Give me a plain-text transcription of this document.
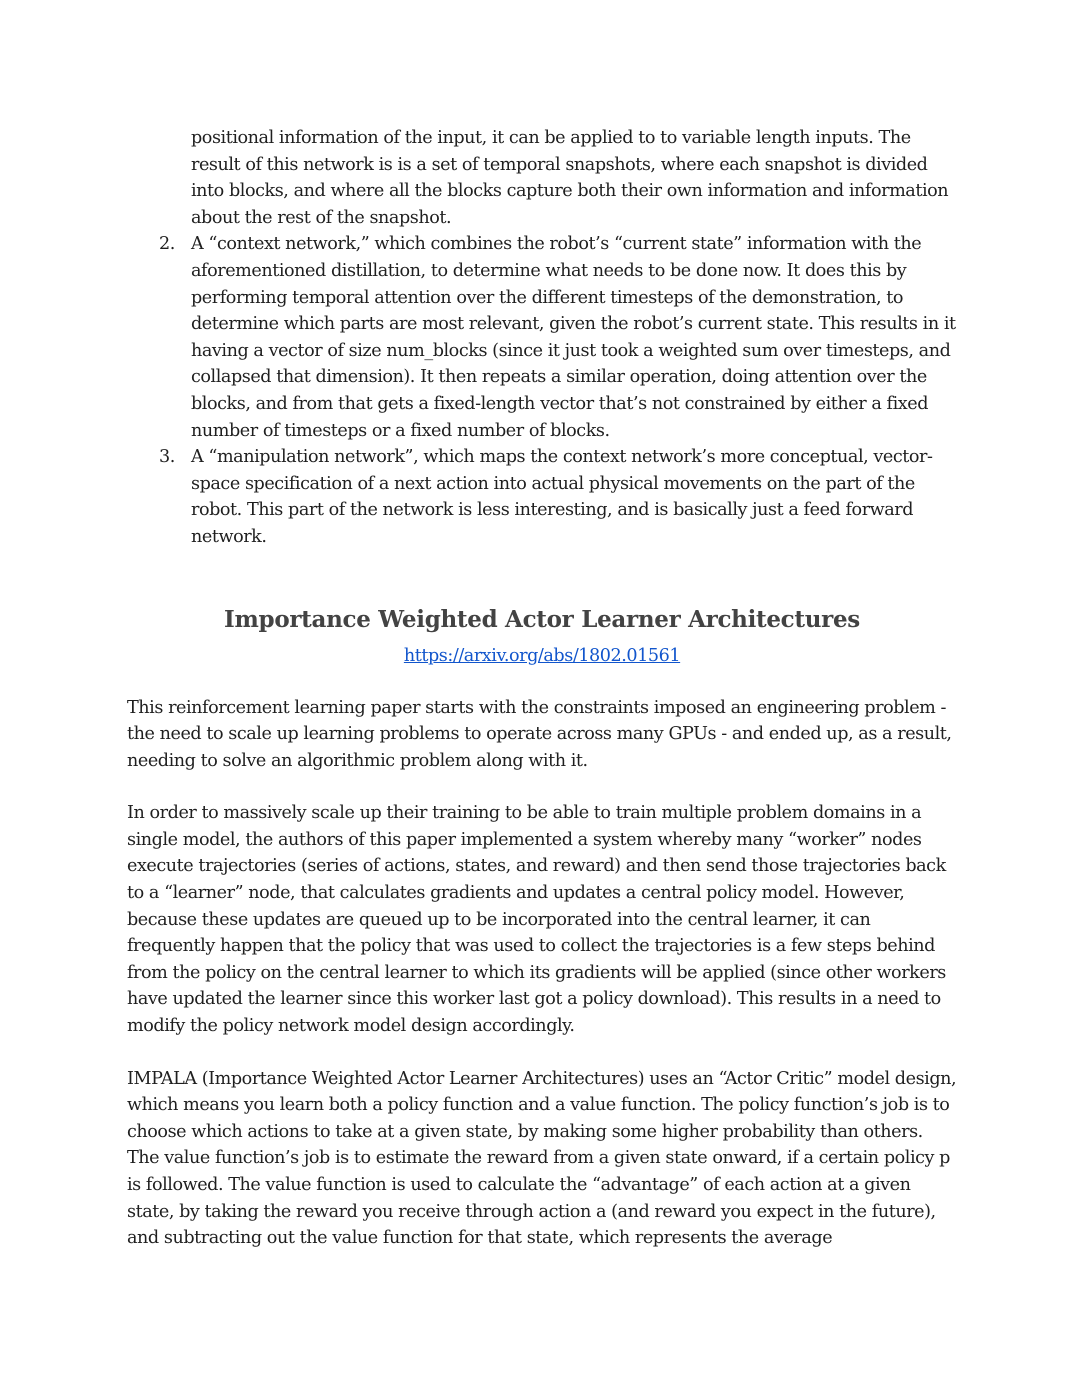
positional information of the input, it can be applied to to variable length inputs. The result of this network is is a set of temporal snapshots, where each snapshot is divided into blocks, and where all the blocks capture both their own information and information about the rest of the snapshot.

2. A “context network,” which combines the robot’s “current state” information with the aforementioned distillation, to determine what needs to be done now. It does this by performing temporal attention over the different timesteps of the demonstration, to determine which parts are most relevant, given the robot’s current state. This results in it having a vector of size num_blocks (since it just took a weighted sum over timesteps, and collapsed that dimension). It then repeats a similar operation, doing attention over the blocks, and from that gets a fixed-length vector that’s not constrained by either a fixed number of timesteps or a fixed number of blocks.

3. A “manipulation network”, which maps the context network’s more conceptual, vector-space specification of a next action into actual physical movements on the part of the robot. This part of the network is less interesting, and is basically just a feed forward network.

Importance Weighted Actor Learner Architectures
https://arxiv.org/abs/1802.01561

This reinforcement learning paper starts with the constraints imposed an engineering problem - the need to scale up learning problems to operate across many GPUs - and ended up, as a result, needing to solve an algorithmic problem along with it.

In order to massively scale up their training to be able to train multiple problem domains in a single model, the authors of this paper implemented a system whereby many “worker” nodes execute trajectories (series of actions, states, and reward) and then send those trajectories back to a “learner” node, that calculates gradients and updates a central policy model. However, because these updates are queued up to be incorporated into the central learner, it can frequently happen that the policy that was used to collect the trajectories is a few steps behind from the policy on the central learner to which its gradients will be applied (since other workers have updated the learner since this worker last got a policy download). This results in a need to modify the policy network model design accordingly.

IMPALA (Importance Weighted Actor Learner Architectures) uses an “Actor Critic” model design, which means you learn both a policy function and a value function. The policy function’s job is to choose which actions to take at a given state, by making some higher probability than others. The value function’s job is to estimate the reward from a given state onward, if a certain policy p is followed. The value function is used to calculate the “advantage” of each action at a given state, by taking the reward you receive through action a (and reward you expect in the future), and subtracting out the value function for that state, which represents the average
